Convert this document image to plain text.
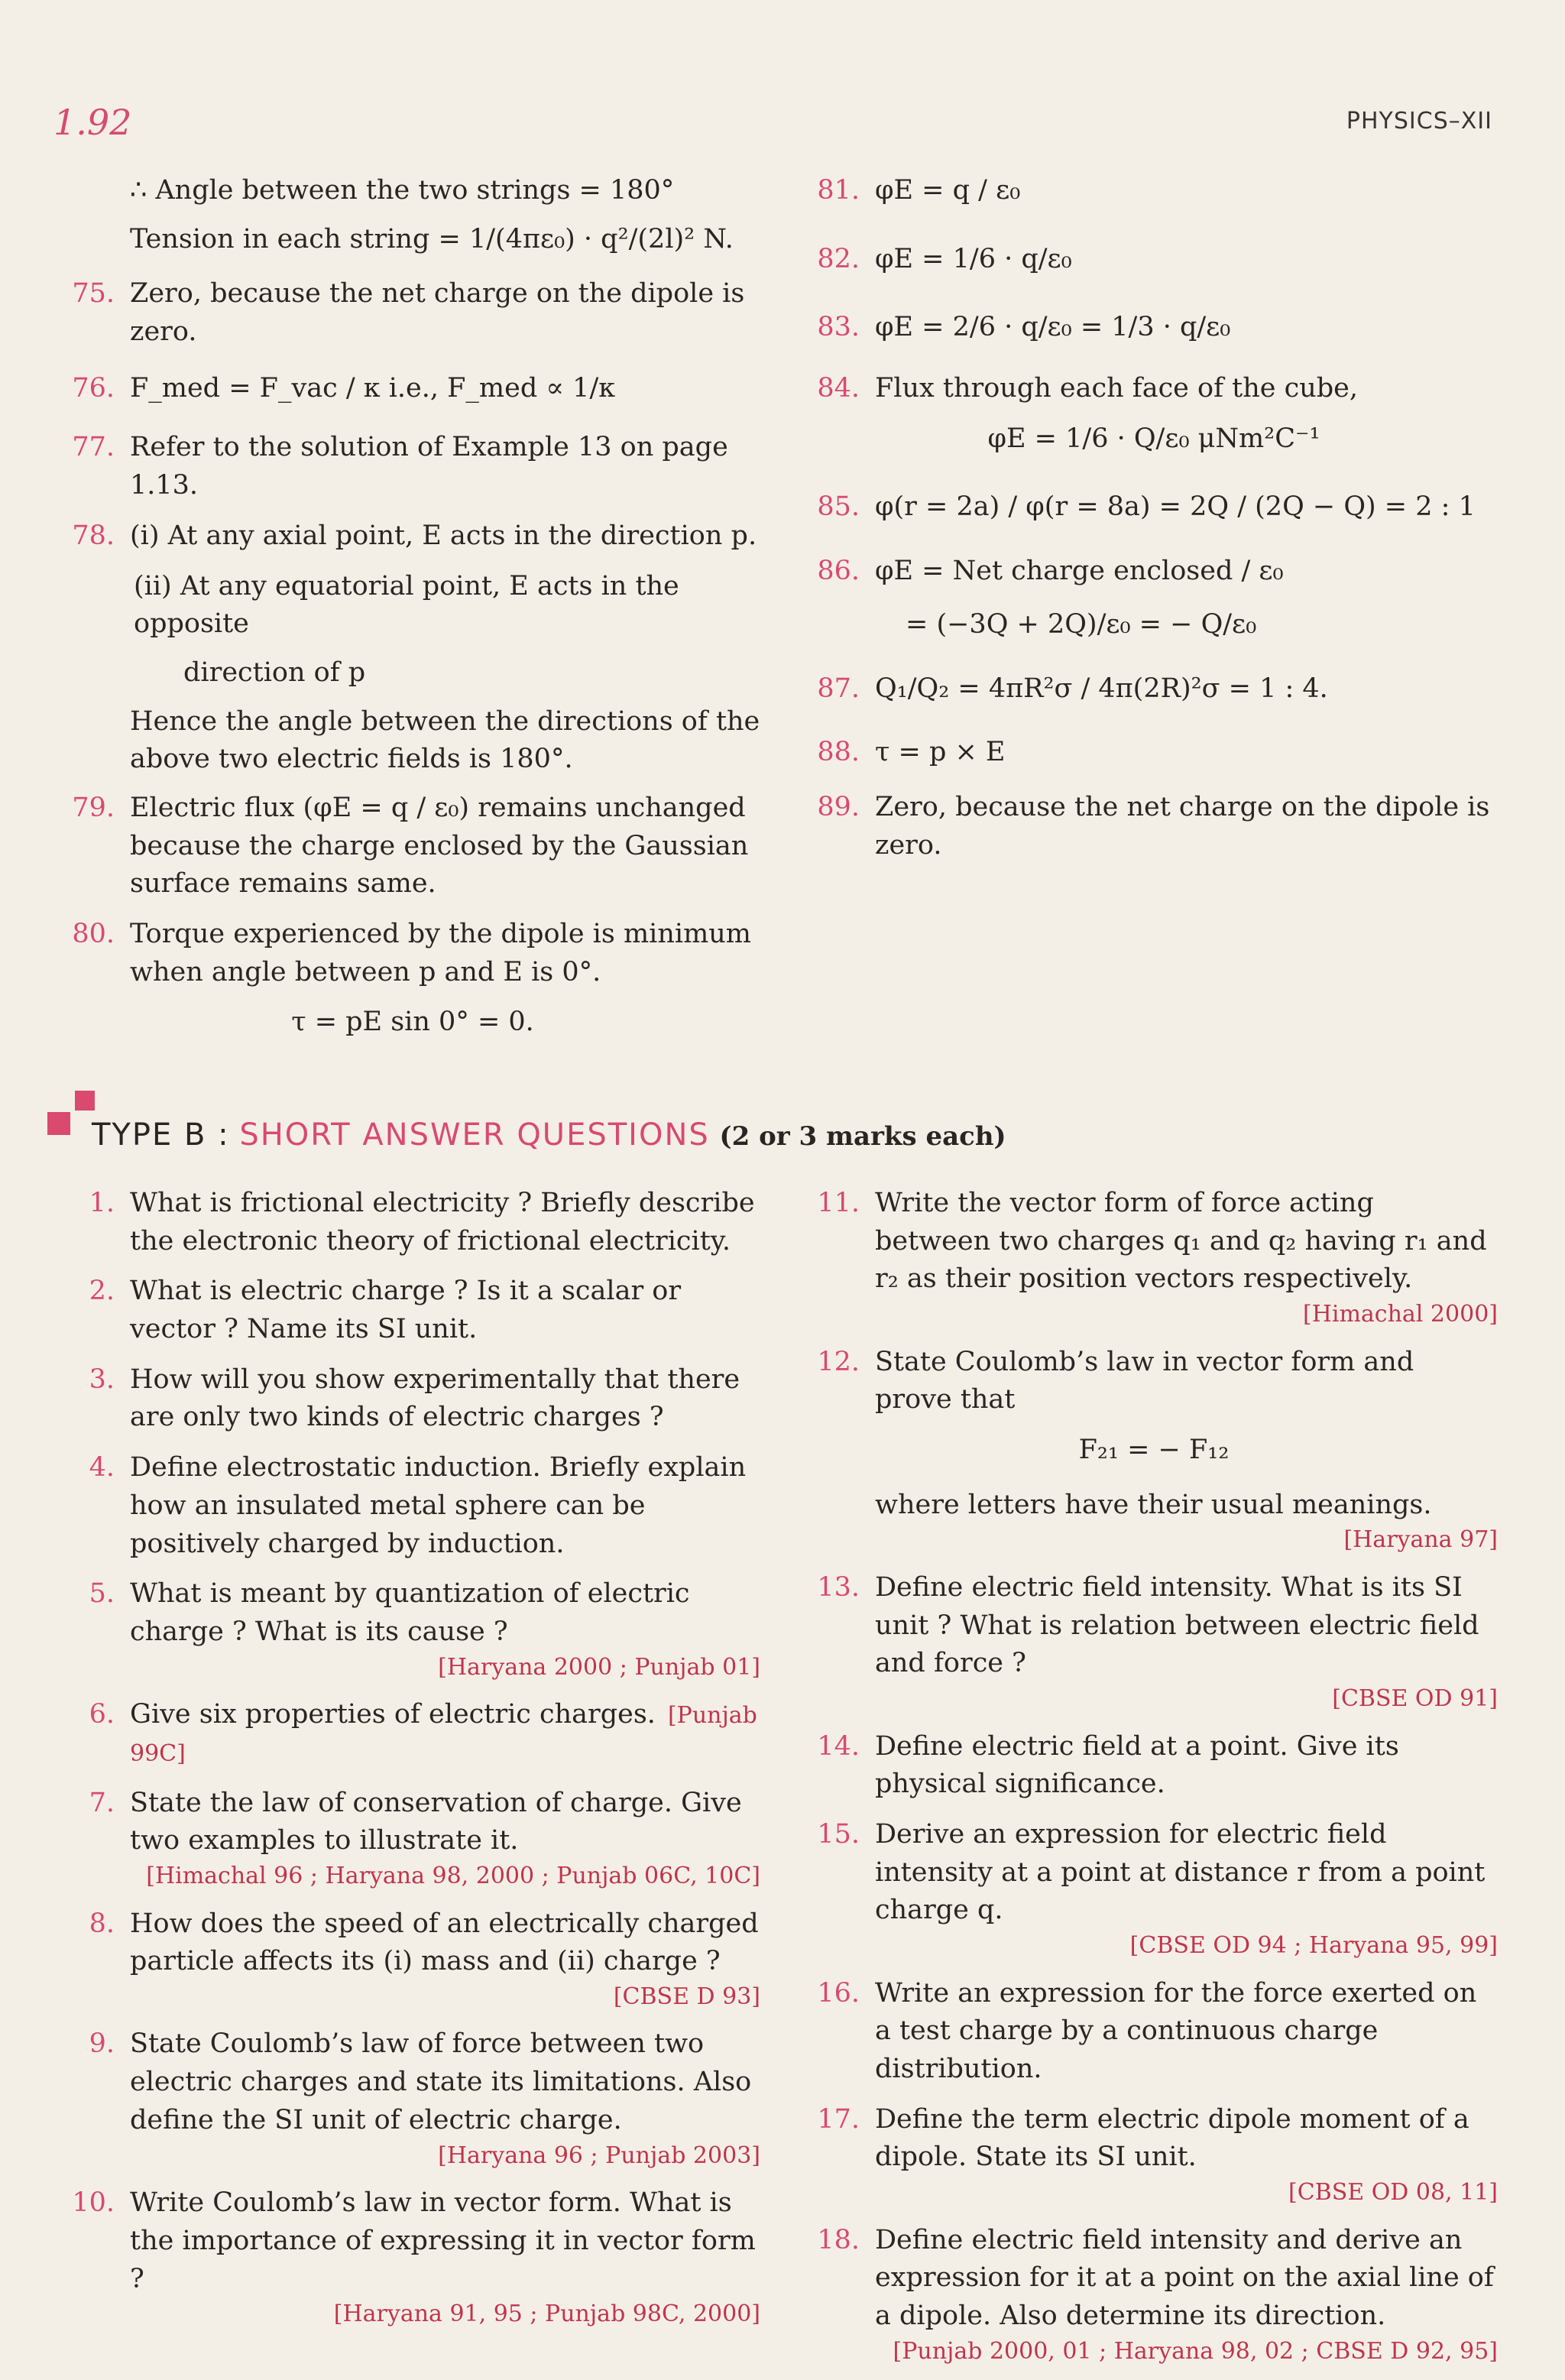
1.92	PHYSICS–XII
∴ Angle between the two strings = 180°
Tension in each string = 1/(4πε₀) · q²/(2l)² N.
75. Zero, because the net charge on the dipole is zero.
76. F_med = F_vac / κ i.e., F_med ∝ 1/κ
77. Refer to the solution of Example 13 on page 1.13.
78. (i) At any axial point, E acts in the direction p.
(ii) At any equatorial point, E acts in the opposite
direction of p
Hence the angle between the directions of the above two electric fields is 180°.
79. Electric flux (φE = q / ε₀) remains unchanged because the charge enclosed by the Gaussian surface remains same.
80. Torque experienced by the dipole is minimum when angle between p and E is 0°.
τ = pE sin 0° = 0.
81. φE = q / ε₀
82. φE = 1/6 · q/ε₀
83. φE = 2/6 · q/ε₀ = 1/3 · q/ε₀
84. Flux through each face of the cube,
φE = 1/6 · Q/ε₀ μNm²C⁻¹
85. φ(r = 2a) / φ(r = 8a) = 2Q / (2Q − Q) = 2 : 1
86. φE = Net charge enclosed / ε₀
= (−3Q + 2Q)/ε₀ = − Q/ε₀
87. Q₁/Q₂ = 4πR²σ / 4π(2R)²σ = 1 : 4.
88. τ = p × E
89. Zero, because the net charge on the dipole is zero.
TYPE B : SHORT ANSWER QUESTIONS (2 or 3 marks each)
1. What is frictional electricity ? Briefly describe the electronic theory of frictional electricity.
2. What is electric charge ? Is it a scalar or vector ? Name its SI unit.
3. How will you show experimentally that there are only two kinds of electric charges ?
4. Define electrostatic induction. Briefly explain how an insulated metal sphere can be positively charged by induction.
5. What is meant by quantization of electric charge ? What is its cause ?
[Haryana 2000 ; Punjab 01]
6. Give six properties of electric charges. [Punjab 99C]
7. State the law of conservation of charge. Give two examples to illustrate it.
[Himachal 96 ; Haryana 98, 2000 ; Punjab 06C, 10C]
8. How does the speed of an electrically charged particle affects its (i) mass and (ii) charge ?
[CBSE D 93]
9. State Coulomb’s law of force between two electric charges and state its limitations. Also define the SI unit of electric charge.
[Haryana 96 ; Punjab 2003]
10. Write Coulomb’s law in vector form. What is the importance of expressing it in vector form ?
[Haryana 91, 95 ; Punjab 98C, 2000]
11. Write the vector form of force acting between two charges q₁ and q₂ having r₁ and r₂ as their position vectors respectively.
[Himachal 2000]
12. State Coulomb’s law in vector form and prove that
F₂₁ = − F₁₂
where letters have their usual meanings.
[Haryana 97]
13. Define electric field intensity. What is its SI unit ? What is relation between electric field and force ?
[CBSE OD 91]
14. Define electric field at a point. Give its physical significance.
15. Derive an expression for electric field intensity at a point at distance r from a point charge q.
[CBSE OD 94 ; Haryana 95, 99]
16. Write an expression for the force exerted on a test charge by a continuous charge distribution.
17. Define the term electric dipole moment of a dipole. State its SI unit.
[CBSE OD 08, 11]
18. Define electric field intensity and derive an expression for it at a point on the axial line of a dipole. Also determine its direction.
[Punjab 2000, 01 ; Haryana 98, 02 ; CBSE D 92, 95]
